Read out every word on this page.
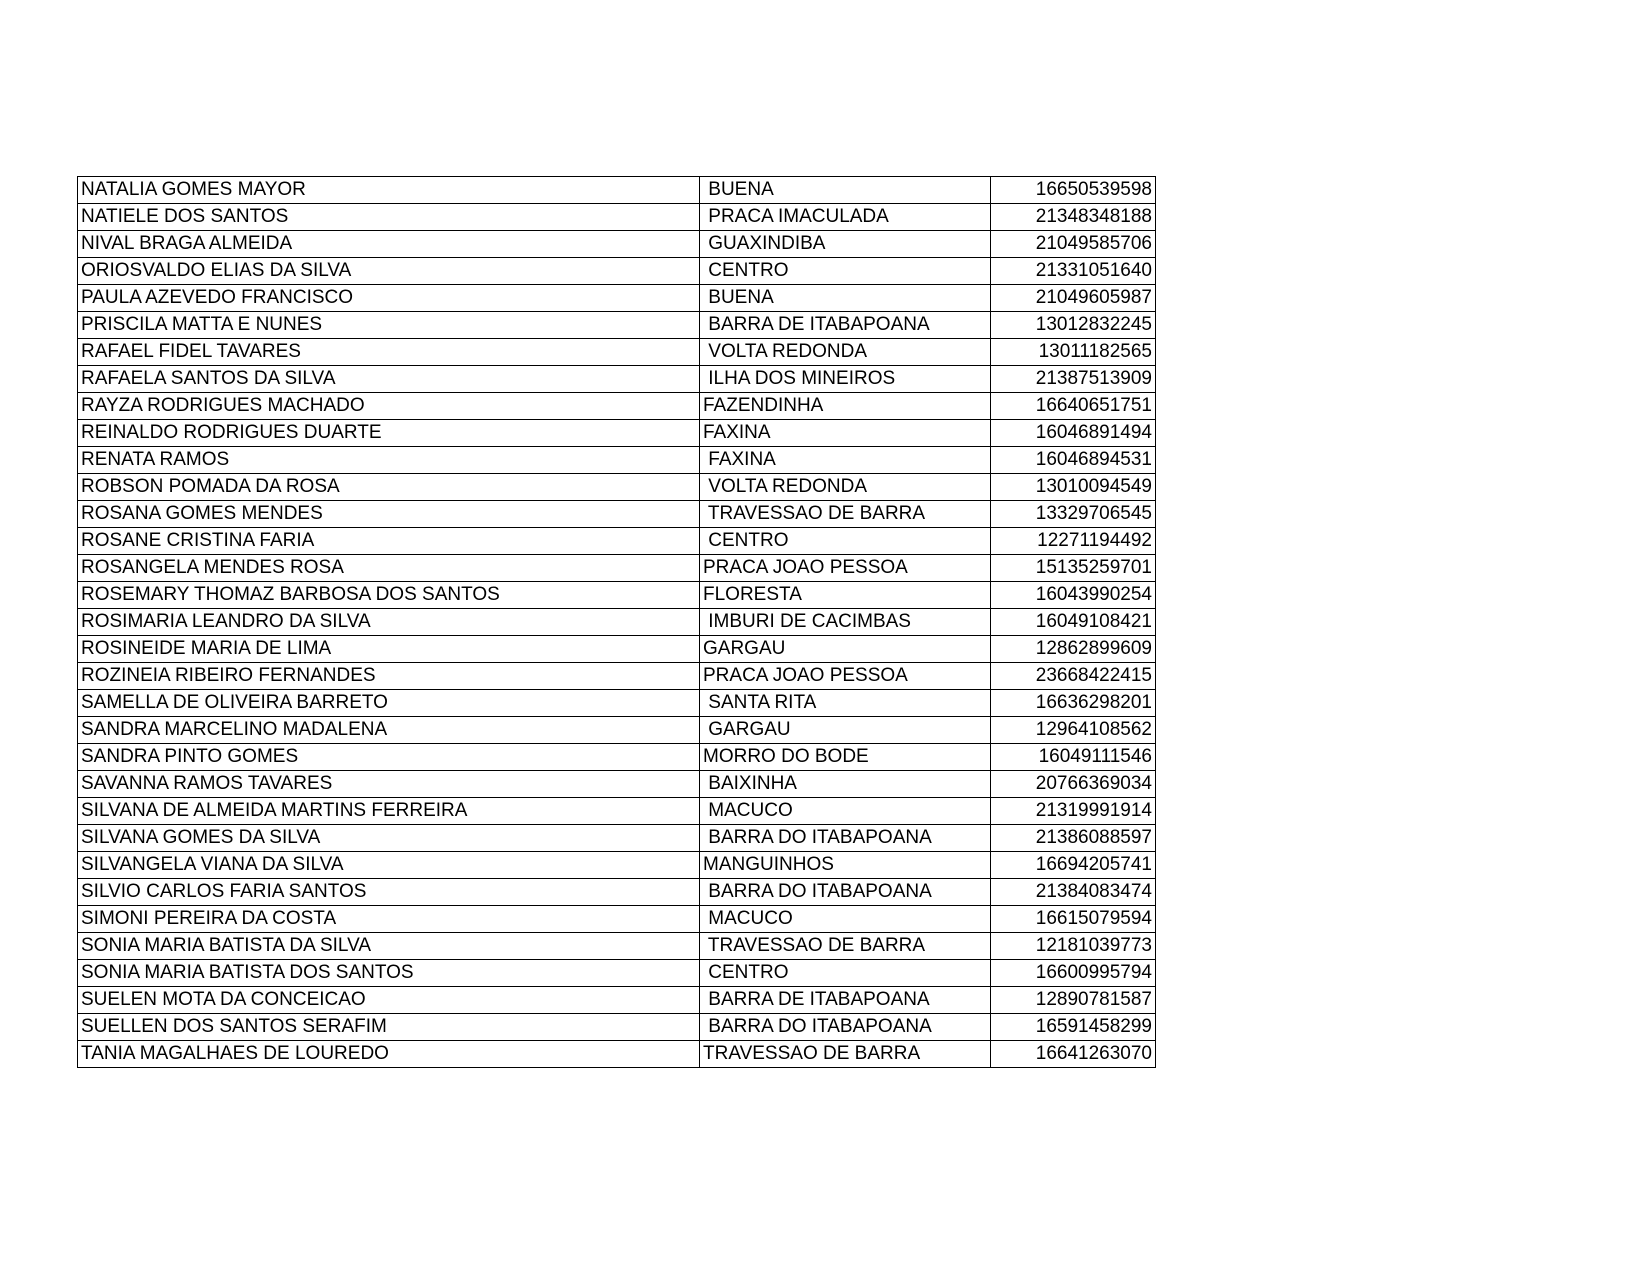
NATALIA GOMES MAYOR	BUENA	16650539598
NATIELE DOS SANTOS	PRACA IMACULADA	21348348188
NIVAL BRAGA ALMEIDA	GUAXINDIBA	21049585706
ORIOSVALDO ELIAS DA SILVA	CENTRO	21331051640
PAULA AZEVEDO FRANCISCO	BUENA	21049605987
PRISCILA MATTA E NUNES	BARRA DE ITABAPOANA	13012832245
RAFAEL FIDEL TAVARES	VOLTA REDONDA	13011182565
RAFAELA SANTOS DA SILVA	ILHA DOS MINEIROS	21387513909
RAYZA RODRIGUES MACHADO	FAZENDINHA	16640651751
REINALDO RODRIGUES DUARTE	FAXINA	16046891494
RENATA RAMOS	FAXINA	16046894531
ROBSON POMADA DA ROSA	VOLTA REDONDA	13010094549
ROSANA GOMES MENDES	TRAVESSAO DE BARRA	13329706545
ROSANE CRISTINA FARIA	CENTRO	12271194492
ROSANGELA MENDES ROSA	PRACA JOAO PESSOA	15135259701
ROSEMARY THOMAZ BARBOSA DOS SANTOS	FLORESTA	16043990254
ROSIMARIA LEANDRO DA SILVA	IMBURI DE CACIMBAS	16049108421
ROSINEIDE MARIA DE LIMA	GARGAU	12862899609
ROZINEIA RIBEIRO FERNANDES	PRACA JOAO PESSOA	23668422415
SAMELLA DE OLIVEIRA BARRETO	SANTA RITA	16636298201
SANDRA MARCELINO MADALENA	GARGAU	12964108562
SANDRA PINTO GOMES	MORRO DO BODE	16049111546
SAVANNA RAMOS TAVARES	BAIXINHA	20766369034
SILVANA DE ALMEIDA MARTINS FERREIRA	MACUCO	21319991914
SILVANA GOMES DA SILVA	BARRA DO ITABAPOANA	21386088597
SILVANGELA VIANA DA SILVA	MANGUINHOS	16694205741
SILVIO CARLOS FARIA SANTOS	BARRA DO ITABAPOANA	21384083474
SIMONI PEREIRA DA COSTA	MACUCO	16615079594
SONIA MARIA BATISTA DA SILVA	TRAVESSAO DE BARRA	12181039773
SONIA MARIA BATISTA DOS SANTOS	CENTRO	16600995794
SUELEN MOTA DA CONCEICAO	BARRA DE ITABAPOANA	12890781587
SUELLEN DOS SANTOS SERAFIM	BARRA DO ITABAPOANA	16591458299
TANIA MAGALHAES DE LOUREDO	TRAVESSAO DE BARRA	16641263070
